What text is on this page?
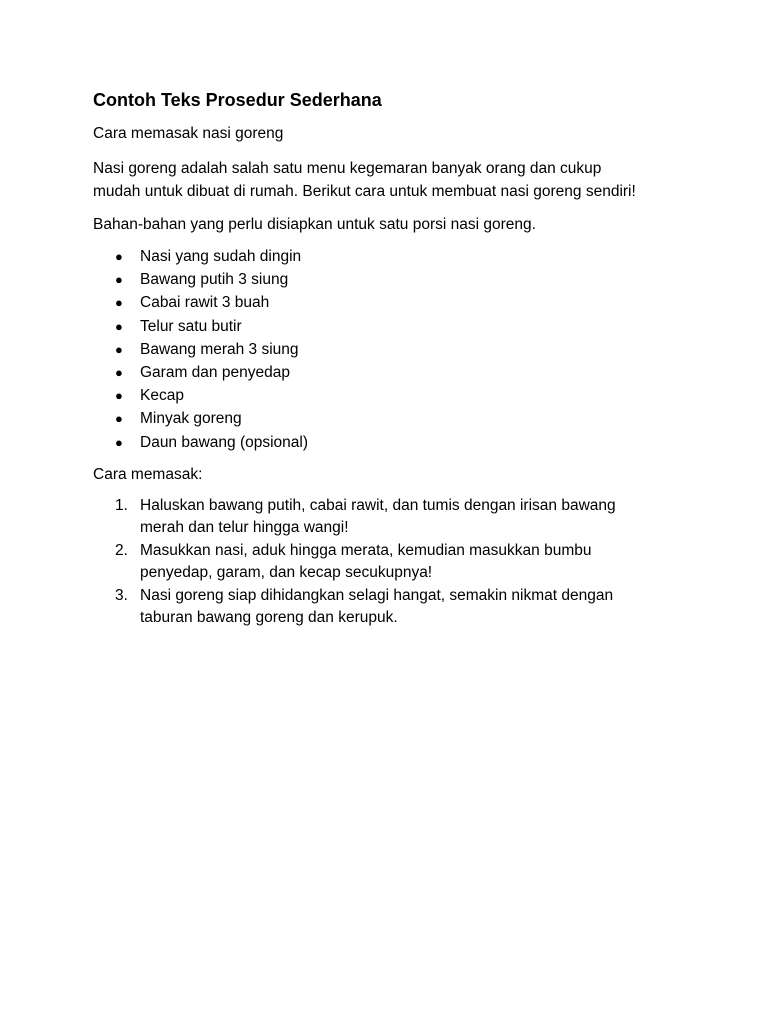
Contoh Teks Prosedur Sederhana
Cara memasak nasi goreng
Nasi goreng adalah salah satu menu kegemaran banyak orang dan cukup mudah untuk dibuat di rumah. Berikut cara untuk membuat nasi goreng sendiri!
Bahan-bahan yang perlu disiapkan untuk satu porsi nasi goreng.
● Nasi yang sudah dingin
● Bawang putih 3 siung
● Cabai rawit 3 buah
● Telur satu butir
● Bawang merah 3 siung
● Garam dan penyedap
● Kecap
● Minyak goreng
● Daun bawang (opsional)
Cara memasak:
1. Haluskan bawang putih, cabai rawit, dan tumis dengan irisan bawang merah dan telur hingga wangi!
2. Masukkan nasi, aduk hingga merata, kemudian masukkan bumbu penyedap, garam, dan kecap secukupnya!
3. Nasi goreng siap dihidangkan selagi hangat, semakin nikmat dengan taburan bawang goreng dan kerupuk.
